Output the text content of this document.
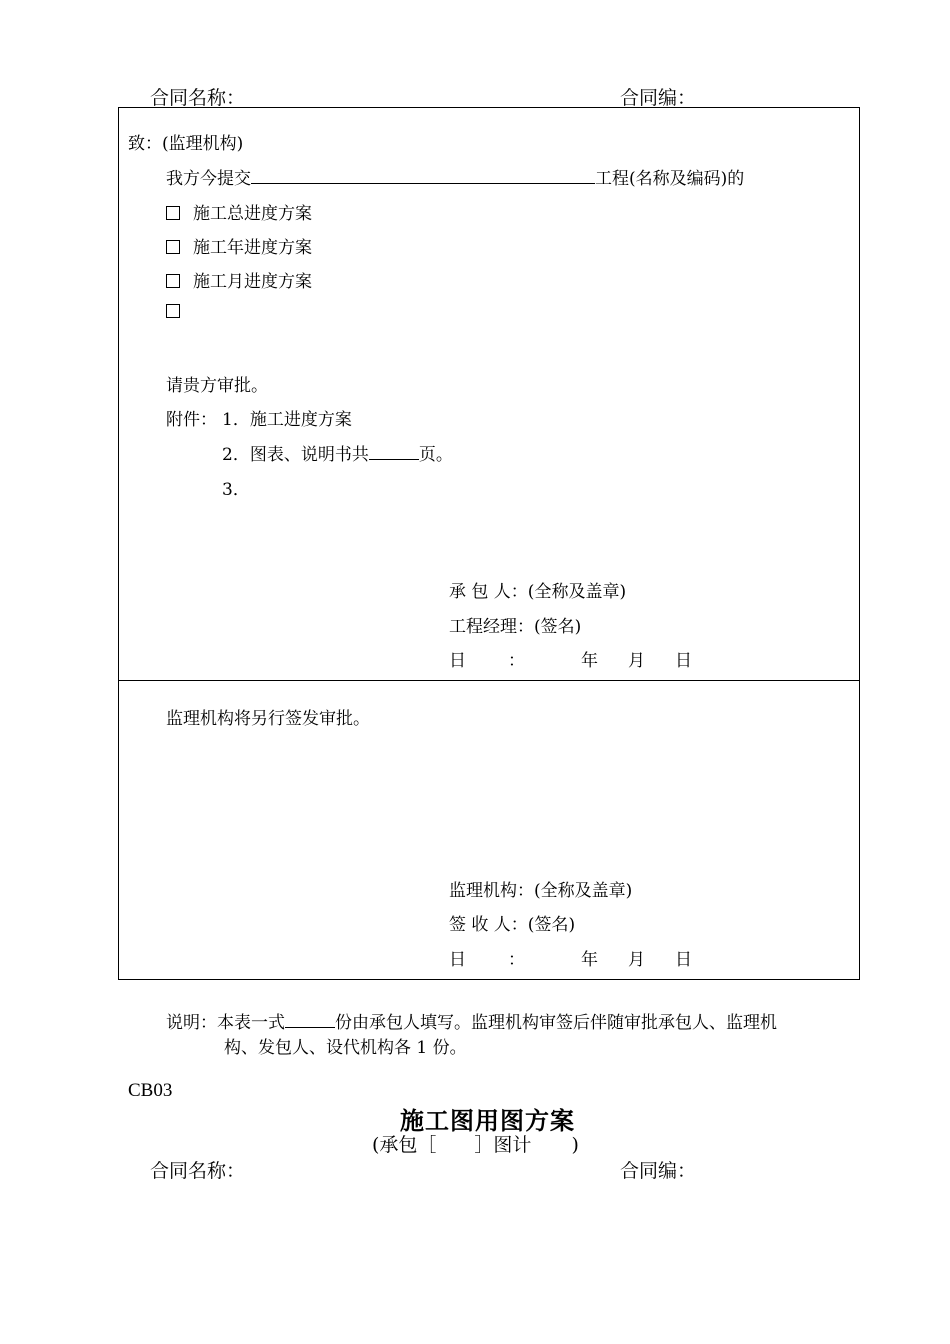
合同名称：	合同编：
致：(监理机构)
我方今提交	工程(名称及编码)的
施工总进度方案
施工年进度方案
施工月进度方案
请贵方审批。
附件： 1．施工进度方案
2．图表、说明书共	页。
3．
承 包 人：(全称及盖章)
工程经理：(签名)
日 ：	年 月 日
监理机构将另行签发审批。
监理机构：(全称及盖章)
签 收 人：(签名)
日 ：	年 月 日
说明：本表一式	份由承包人填写。监理机构审签后伴随审批承包人、监理机
构、发包人、设代机构各 1 份。
CB03
施工图用图方案
(承包［ ］图计 )
合同名称：	合同编：
